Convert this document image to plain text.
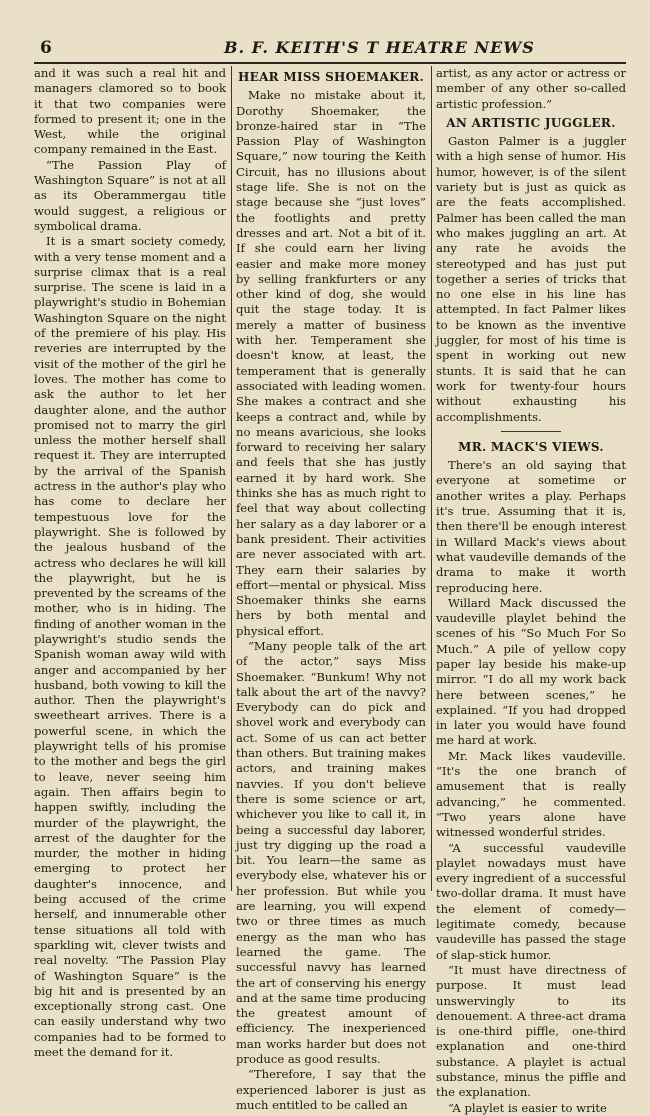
6	B. F. KEITH'S T HEATRE NEWS

and it was such a real hit and managers clamored so to book it that two companies were formed to present it; one in the West, while the original company remained in the East.

“The Passion Play of Washington Square” is not at all as its Oberammergau title would suggest, a religious or symbolical drama.

It is a smart society comedy, with a very tense moment and a surprise climax that is a real surprise. The scene is laid in a playwright's studio in Bohemian Washington Square on the night of the premiere of his play. His reveries are interrupted by the visit of the mother of the girl he loves. The mother has come to ask the author to let her daughter alone, and the author promised not to marry the girl unless the mother herself shall request it. They are interrupted by the arrival of the Spanish actress in the author's play who has come to declare her tempestuous love for the playwright. She is followed by the jealous husband of the actress who declares he will kill the playwright, but he is prevented by the screams of the mother, who is in hiding. The finding of another woman in the playwright's studio sends the Spanish woman away wild with anger and accompanied by her husband, both vowing to kill the author. Then the playwright's sweetheart arrives. There is a powerful scene, in which the playwright tells of his promise to the mother and begs the girl to leave, never seeing him again. Then affairs begin to happen swiftly, including the murder of the playwright, the arrest of the daughter for the murder, the mother in hiding emerging to protect her daughter's innocence, and being accused of the crime herself, and innumerable other tense situations all told with sparkling wit, clever twists and real novelty. “The Passion Play of Washington Square” is the big hit and is presented by an exceptionally strong cast. One can easily understand why two companies had to be formed to meet the demand for it.

HEAR MISS SHOEMAKER.

Make no mistake about it, Dorothy Shoemaker, the bronze-haired star in “The Passion Play of Washington Square,” now touring the Keith Circuit, has no illusions about stage life. She is not on the stage because she “just loves” the footlights and pretty dresses and art. Not a bit of it. If she could earn her living easier and make more money by selling frankfurters or any other kind of dog, she would quit the stage today. It is merely a matter of business with her. Temperament she doesn't know, at least, the temperament that is generally associated with leading women. She makes a contract and she keeps a contract and, while by no means avaricious, she looks forward to receiving her salary and feels that she has justly earned it by hard work. She thinks she has as much right to feel that way about collecting her salary as a day laborer or a bank president. Their activities are never associated with art. They earn their salaries by effort—mental or physical. Miss Shoemaker thinks she earns hers by both mental and physical effort.

“Many people talk of the art of the actor,” says Miss Shoemaker. “Bunkum! Why not talk about the art of the navvy? Everybody can do pick and shovel work and everybody can act. Some of us can act better than others. But training makes actors, and training makes navvies. If you don't believe there is some science or art, whichever you like to call it, in being a successful day laborer, just try digging up the road a bit. You learn—the same as everybody else, whatever his or her profession. But while you are learning, you will expend two or three times as much energy as the man who has learned the game. The successful navvy has learned the art of conserving his energy and at the same time producing the greatest amount of efficiency. The inexperienced man works harder but does not produce as good results.

“Therefore, I say that the experienced laborer is just as much entitled to be called an

artist, as any actor or actress or member of any other so-called artistic profession.”

AN ARTISTIC JUGGLER.

Gaston Palmer is a juggler with a high sense of humor. His humor, however, is of the silent variety but is just as quick as are the feats accomplished. Palmer has been called the man who makes juggling an art. At any rate he avoids the stereotyped and has just put together a series of tricks that no one else in his line has attempted. In fact Palmer likes to be known as the inventive juggler, for most of his time is spent in working out new stunts. It is said that he can work for twenty-four hours without exhausting his accomplishments.

MR. MACK'S VIEWS.

There's an old saying that everyone at sometime or another writes a play. Perhaps it's true. Assuming that it is, then there'll be enough interest in Willard Mack's views about what vaudeville demands of the drama to make it worth reproducing here.

Willard Mack discussed the vaudeville playlet behind the scenes of his “So Much For So Much.” A pile of yellow copy paper lay beside his make-up mirror. “I do all my work back here between scenes,” he explained. “If you had dropped in later you would have found me hard at work.

Mr. Mack likes vaudeville. “It's the one branch of amusement that is really advancing,” he commented. “Two years alone have witnessed wonderful strides.

“A successful vaudeville playlet nowadays must have every ingredient of a successful two-dollar drama. It must have the element of comedy—legitimate comedy, because vaudeville has passed the stage of slap-stick humor.

“It must have directness of purpose. It must lead unswervingly to its denouement. A three-act drama is one-third piffle, one-third explanation and one-third substance. A playlet is actual substance, minus the piffle and the explanation.

“A playlet is easier to write
